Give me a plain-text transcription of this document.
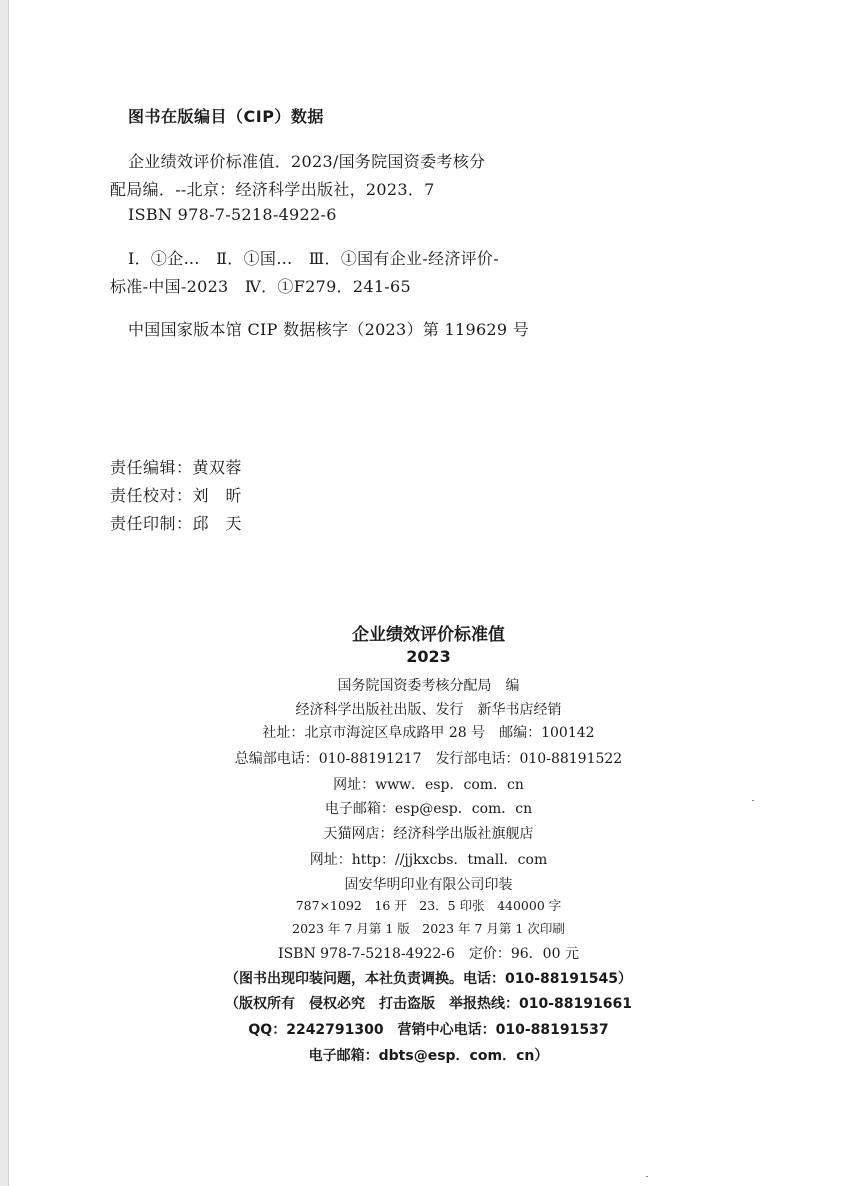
图书在版编目（CIP）数据
企业绩效评价标准值．2023/国务院国资委考核分
配局编．--北京：经济科学出版社，2023．7
ISBN 978-7-5218-4922-6
Ⅰ．①企…　Ⅱ．①国…　Ⅲ．①国有企业-经济评价-
标准-中国-2023　Ⅳ．①F279．241-65
中国国家版本馆 CIP 数据核字（2023）第 119629 号
责任编辑：黄双蓉
责任校对：刘　昕
责任印制：邱　天
企业绩效评价标准值
2023
国务院国资委考核分配局　编
经济科学出版社出版、发行　新华书店经销
社址：北京市海淀区阜成路甲 28 号　邮编：100142
总编部电话：010-88191217　发行部电话：010-88191522
网址：www．esp．com．cn
电子邮箱：esp@esp．com．cn
天猫网店：经济科学出版社旗舰店
网址：http：//jjkxcbs．tmall．com
固安华明印业有限公司印装
787×1092　16 开　23．5 印张　440000 字
2023 年 7 月第 1 版　2023 年 7 月第 1 次印刷
ISBN 978-7-5218-4922-6　定价：96．00 元
（图书出现印装问题，本社负责调换。电话：010-88191545）
（版权所有　侵权必究　打击盗版　举报热线：010-88191661
QQ：2242791300　营销中心电话：010-88191537
电子邮箱：dbts@esp．com．cn）
